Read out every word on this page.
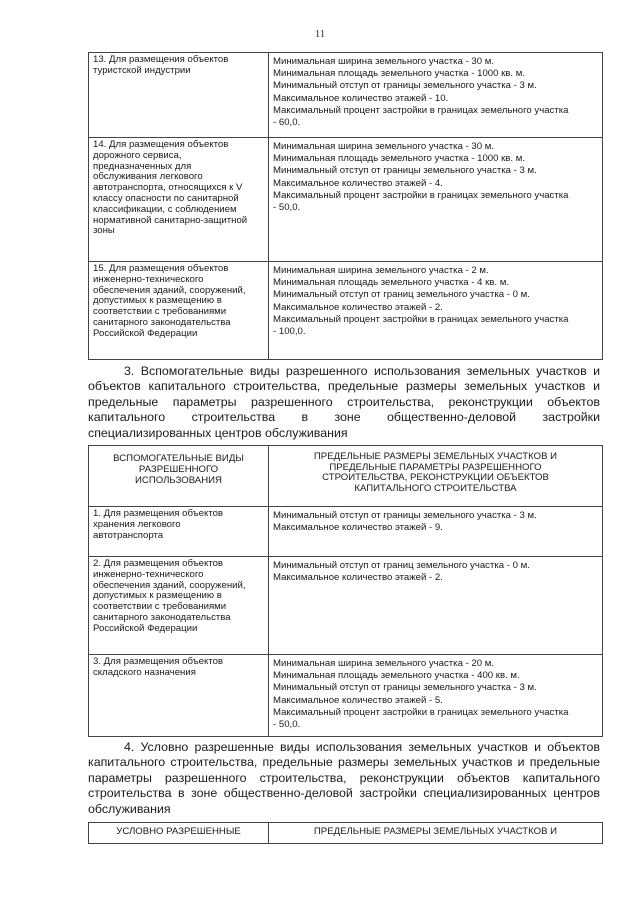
11
13. Для размещения объектов
туристской индустрии
Минимальная ширина земельного участка - 30 м.
Минимальная площадь земельного участка - 1000 кв. м.
Минимальный отступ от границы земельного участка - 3 м.
Максимальное количество этажей - 10.
Максимальный процент застройки в границах земельного участка
- 60,0.
14. Для размещения объектов
дорожного сервиса,
предназначенных для
обслуживания легкового
автотранспорта, относящихся к V
классу опасности по санитарной
классификации, с соблюдением
нормативной санитарно-защитной
зоны
Минимальная ширина земельного участка - 30 м.
Минимальная площадь земельного участка - 1000 кв. м.
Минимальный отступ от границы земельного участка - 3 м.
Максимальное количество этажей - 4.
Максимальный процент застройки в границах земельного участка
- 50,0.
15. Для размещения объектов
инженерно-технического
обеспечения зданий, сооружений,
допустимых к размещению в
соответствии с требованиями
санитарного законодательства
Российской Федерации
Минимальная ширина земельного участка - 2 м.
Минимальная площадь земельного участка - 4 кв. м.
Минимальный отступ от границ земельного участка - 0 м.
Максимальное количество этажей - 2.
Максимальный процент застройки в границах земельного участка
- 100,0.

3. Вспомогательные виды разрешенного использования земельных участков и объектов капитального строительства, предельные размеры земельных участков и предельные параметры разрешенного строительства, реконструкции объектов капитального строительства в зоне общественно-деловой застройки специализированных центров обслуживания

ВСПОМОГАТЕЛЬНЫЕ ВИДЫ
РАЗРЕШЕННОГО
ИСПОЛЬЗОВАНИЯ
ПРЕДЕЛЬНЫЕ РАЗМЕРЫ ЗЕМЕЛЬНЫХ УЧАСТКОВ И
ПРЕДЕЛЬНЫЕ ПАРАМЕТРЫ РАЗРЕШЕННОГО
СТРОИТЕЛЬСТВА, РЕКОНСТРУКЦИИ ОБЪЕКТОВ
КАПИТАЛЬНОГО СТРОИТЕЛЬСТВА
1. Для размещения объектов
хранения легкового
автотранспорта
Минимальный отступ от границы земельного участка - 3 м.
Максимальное количество этажей - 9.
2. Для размещения объектов
инженерно-технического
обеспечения зданий, сооружений,
допустимых к размещению в
соответствии с требованиями
санитарного законодательства
Российской Федерации
Минимальный отступ от границ земельного участка - 0 м.
Максимальное количество этажей - 2.
3. Для размещения объектов
складского назначения
Минимальная ширина земельного участка - 20 м.
Минимальная площадь земельного участка - 400 кв. м.
Минимальный отступ от границы земельного участка - 3 м.
Максимальное количество этажей - 5.
Максимальный процент застройки в границах земельного участка
- 50,0.

4. Условно разрешенные виды использования земельных участков и объектов капитального строительства, предельные размеры земельных участков и предельные параметры разрешенного строительства, реконструкции объектов капитального строительства в зоне общественно-деловой застройки специализированных центров обслуживания

УСЛОВНО РАЗРЕШЕННЫЕ	ПРЕДЕЛЬНЫЕ РАЗМЕРЫ ЗЕМЕЛЬНЫХ УЧАСТКОВ И
